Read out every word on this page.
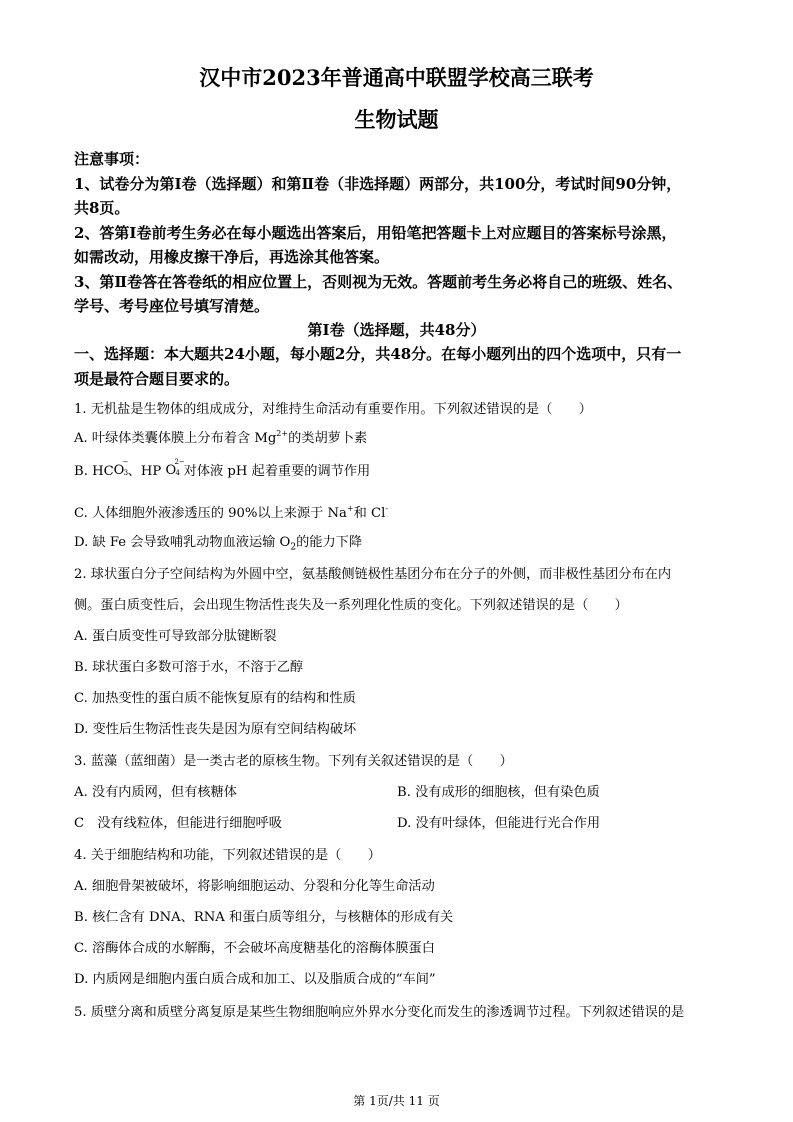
汉中市2023年普通高中联盟学校高三联考
生物试题
注意事项：
1、试卷分为第Ⅰ卷（选择题）和第Ⅱ卷（非选择题）两部分，共100分，考试时间90分钟，
共8页。
2、答第Ⅰ卷前考生务必在每小题选出答案后，用铅笔把答题卡上对应题目的答案标号涂黑，
如需改动，用橡皮擦干净后，再选涂其他答案。
3、第Ⅱ卷答在答卷纸的相应位置上，否则视为无效。答题前考生务必将自己的班级、姓名、
学号、考号座位号填写清楚。
第Ⅰ卷（选择题，共48分）
一、选择题：本大题共24小题，每小题2分，共48分。在每小题列出的四个选项中，只有一
项是最符合题目要求的。
1. 无机盐是生物体的组成成分，对维持生命活动有重要作用。下列叙述错误的是（　　）
A. 叶绿体类囊体膜上分布着含 $Mg^{2+}$的类胡萝卜素
B. HC O
−
3 、HP O
2−
4 对体液 pH 起着重要的调节作用
C. 人体细胞外液渗透压的 90%以上来源于 Na+和 Cl-
D. 缺 Fe 会导致哺乳动物血液运输 $O_2$的能力下降
2. 球状蛋白分子空间结构为外圆中空，氨基酸侧链极性基团分布在分子的外侧，而非极性基团分布在内
侧。蛋白质变性后，会出现生物活性丧失及一系列理化性质的变化。下列叙述错误的是（　　）
A. 蛋白质变性可导致部分肽键断裂
B. 球状蛋白多数可溶于水，不溶于乙醇
C. 加热变性的蛋白质不能恢复原有的结构和性质
D. 变性后生物活性丧失是因为原有空间结构破坏
3. 蓝藻（蓝细菌）是一类古老的原核生物。下列有关叙述错误的是（　　）
A. 没有内质网，但有核糖体	B. 没有成形的细胞核，但有染色质
C　没有线粒体，但能进行细胞呼吸	D. 没有叶绿体，但能进行光合作用
4. 关于细胞结构和功能，下列叙述错误的是（　　）
A. 细胞骨架被破坏，将影响细胞运动、分裂和分化等生命活动
B. 核仁含有 DNA、RNA 和蛋白质等组分，与核糖体的形成有关
C. 溶酶体合成的水解酶，不会破坏高度糖基化的溶酶体膜蛋白
D. 内质网是细胞内蛋白质合成和加工、以及脂质合成的“车间”
5. 质壁分离和质壁分离复原是某些生物细胞响应外界水分变化而发生的渗透调节过程。下列叙述错误的是
第 1页/共 11 页
